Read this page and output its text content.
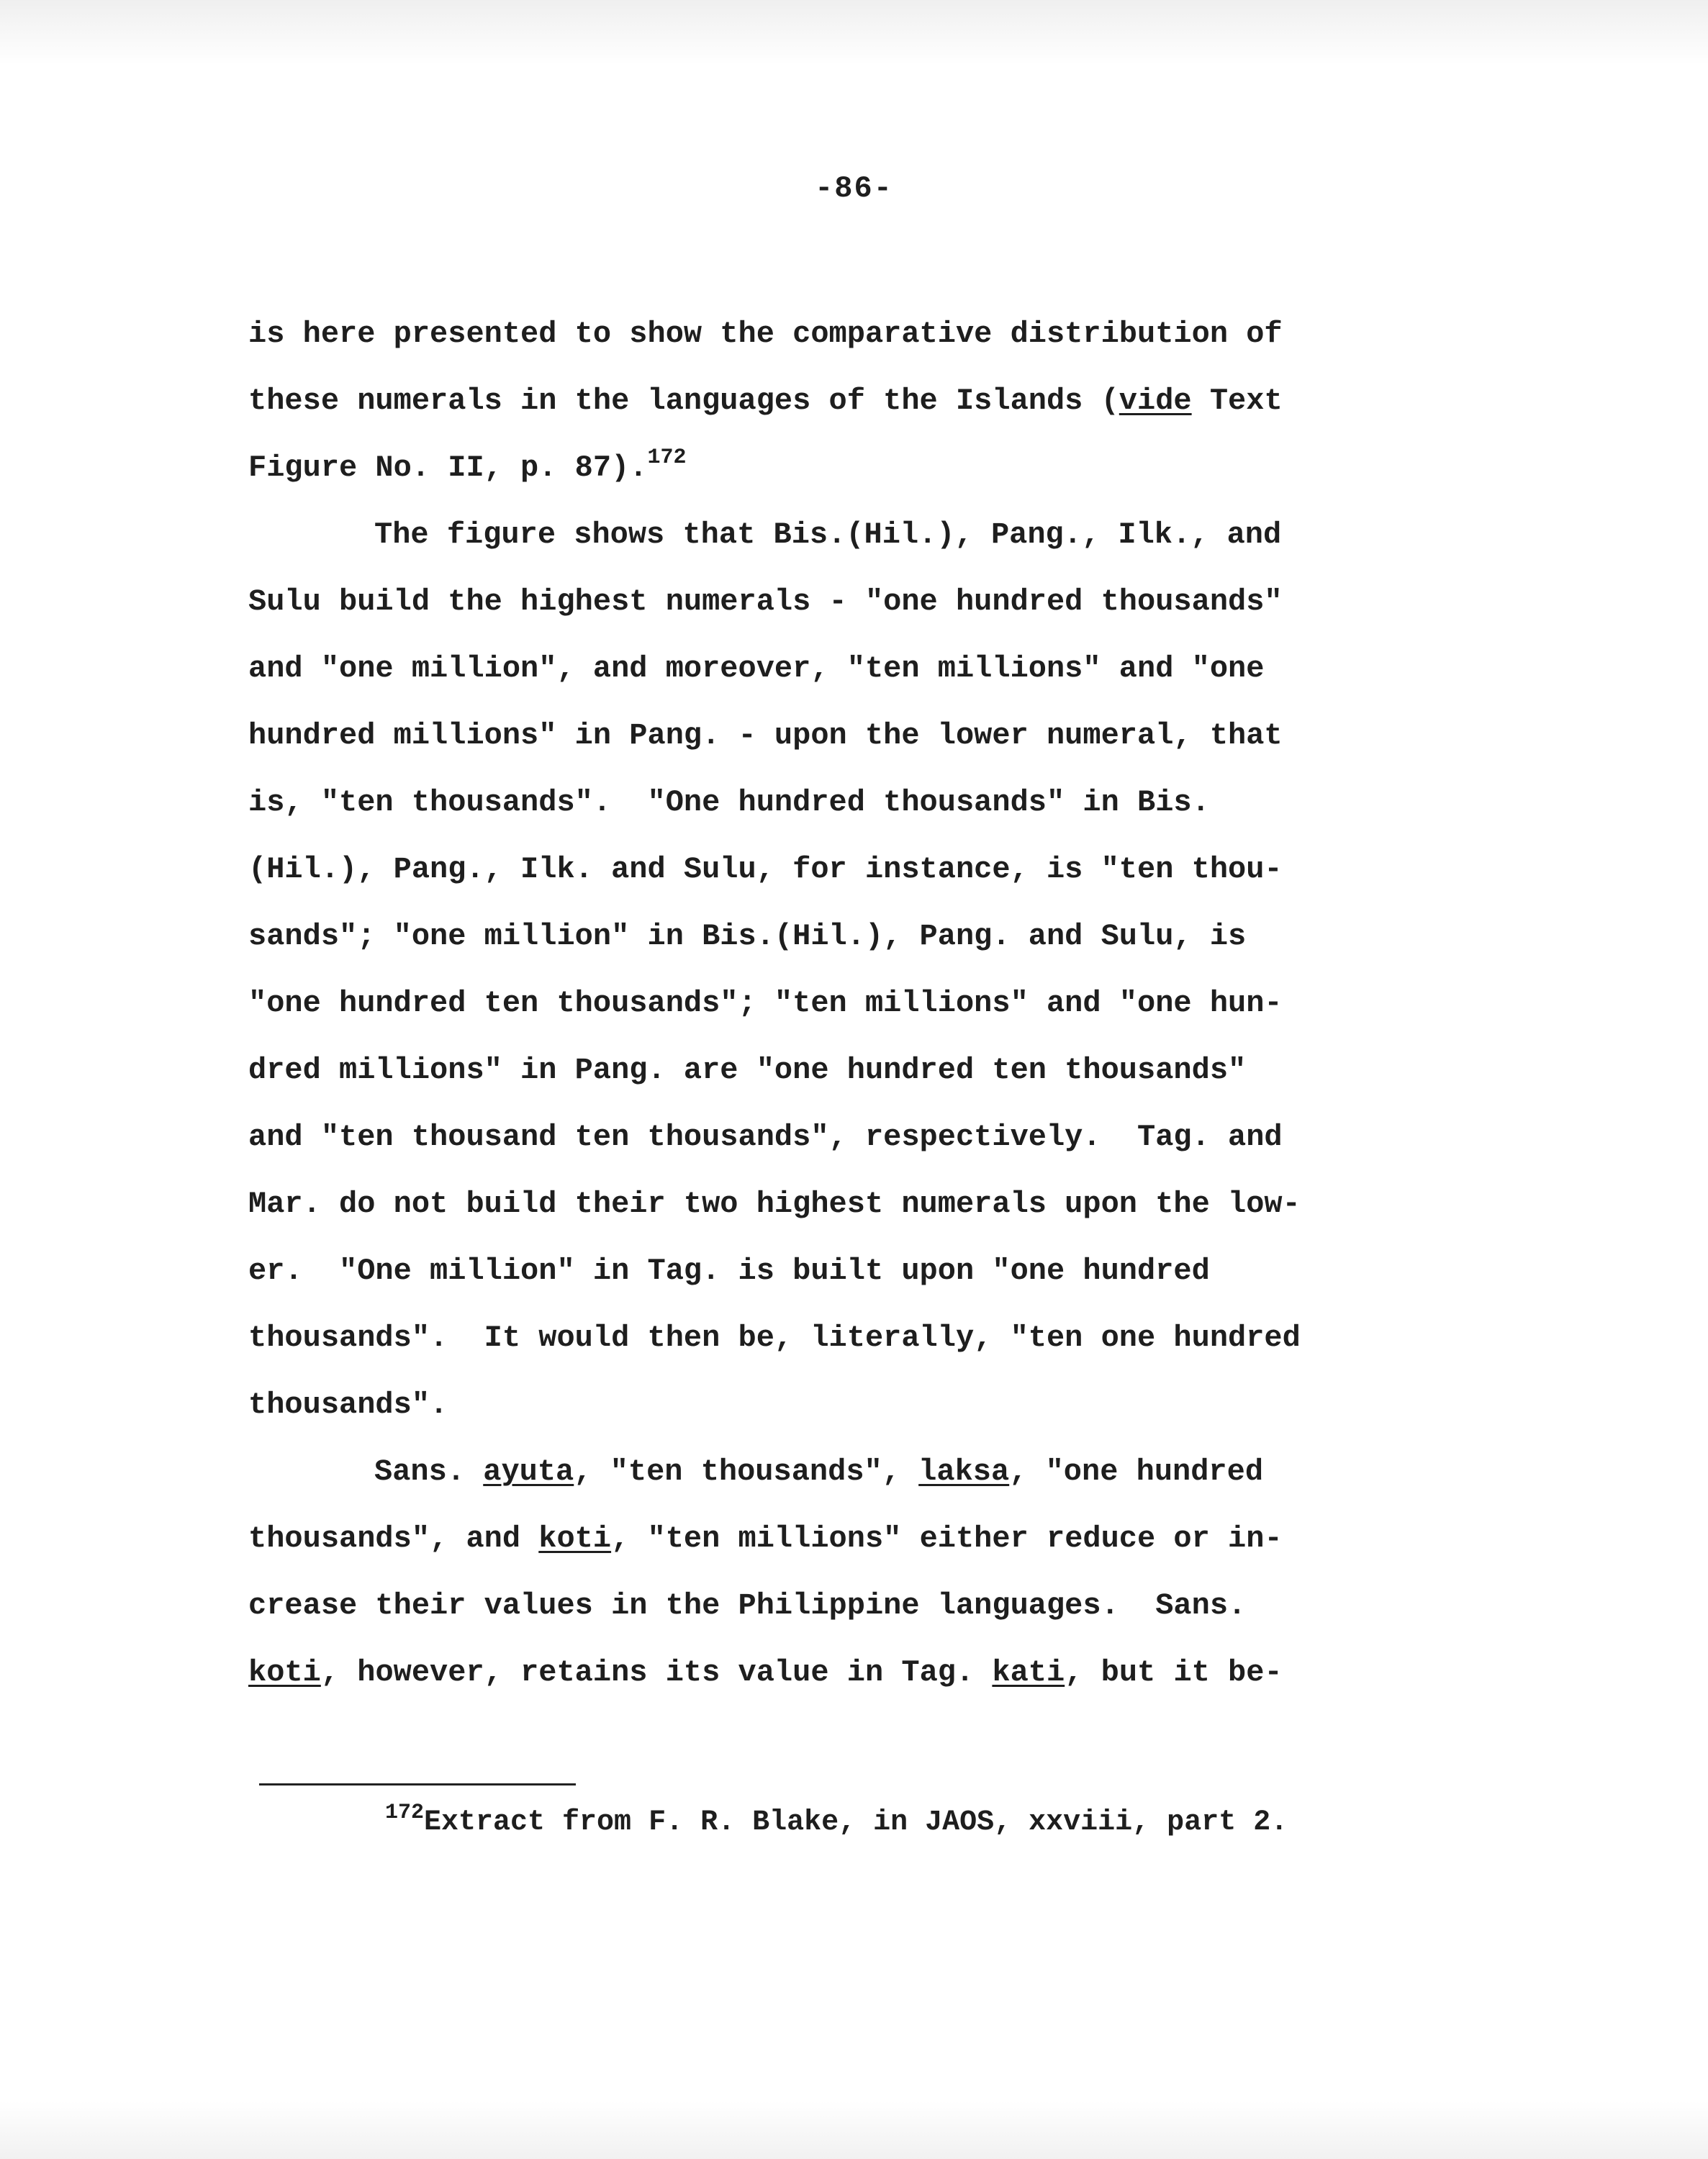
-86-
is here presented to show the comparative distribution of
these numerals in the languages of the Islands (vide Text
Figure No. II, p. 87).$^{172}$
The figure shows that Bis.(Hil.), Pang., Ilk., and
Sulu build the highest numerals - "one hundred thousands"
and "one million", and moreover, "ten millions" and "one
hundred millions" in Pang. - upon the lower numeral, that
is, "ten thousands".  "One hundred thousands" in Bis.
(Hil.), Pang., Ilk. and Sulu, for instance, is "ten thou-
sands"; "one million" in Bis.(Hil.), Pang. and Sulu, is
"one hundred ten thousands"; "ten millions" and "one hun-
dred millions" in Pang. are "one hundred ten thousands"
and "ten thousand ten thousands", respectively.  Tag. and
Mar. do not build their two highest numerals upon the low-
er.  "One million" in Tag. is built upon "one hundred
thousands".  It would then be, literally, "ten one hundred
thousands".
Sans. ayuta, "ten thousands", laksa, "one hundred
thousands", and koti, "ten millions" either reduce or in-
crease their values in the Philippine languages.  Sans.
koti, however, retains its value in Tag. kati, but it be-
$^{172}$Extract from F. R. Blake, in JAOS, xxviii, part 2.
